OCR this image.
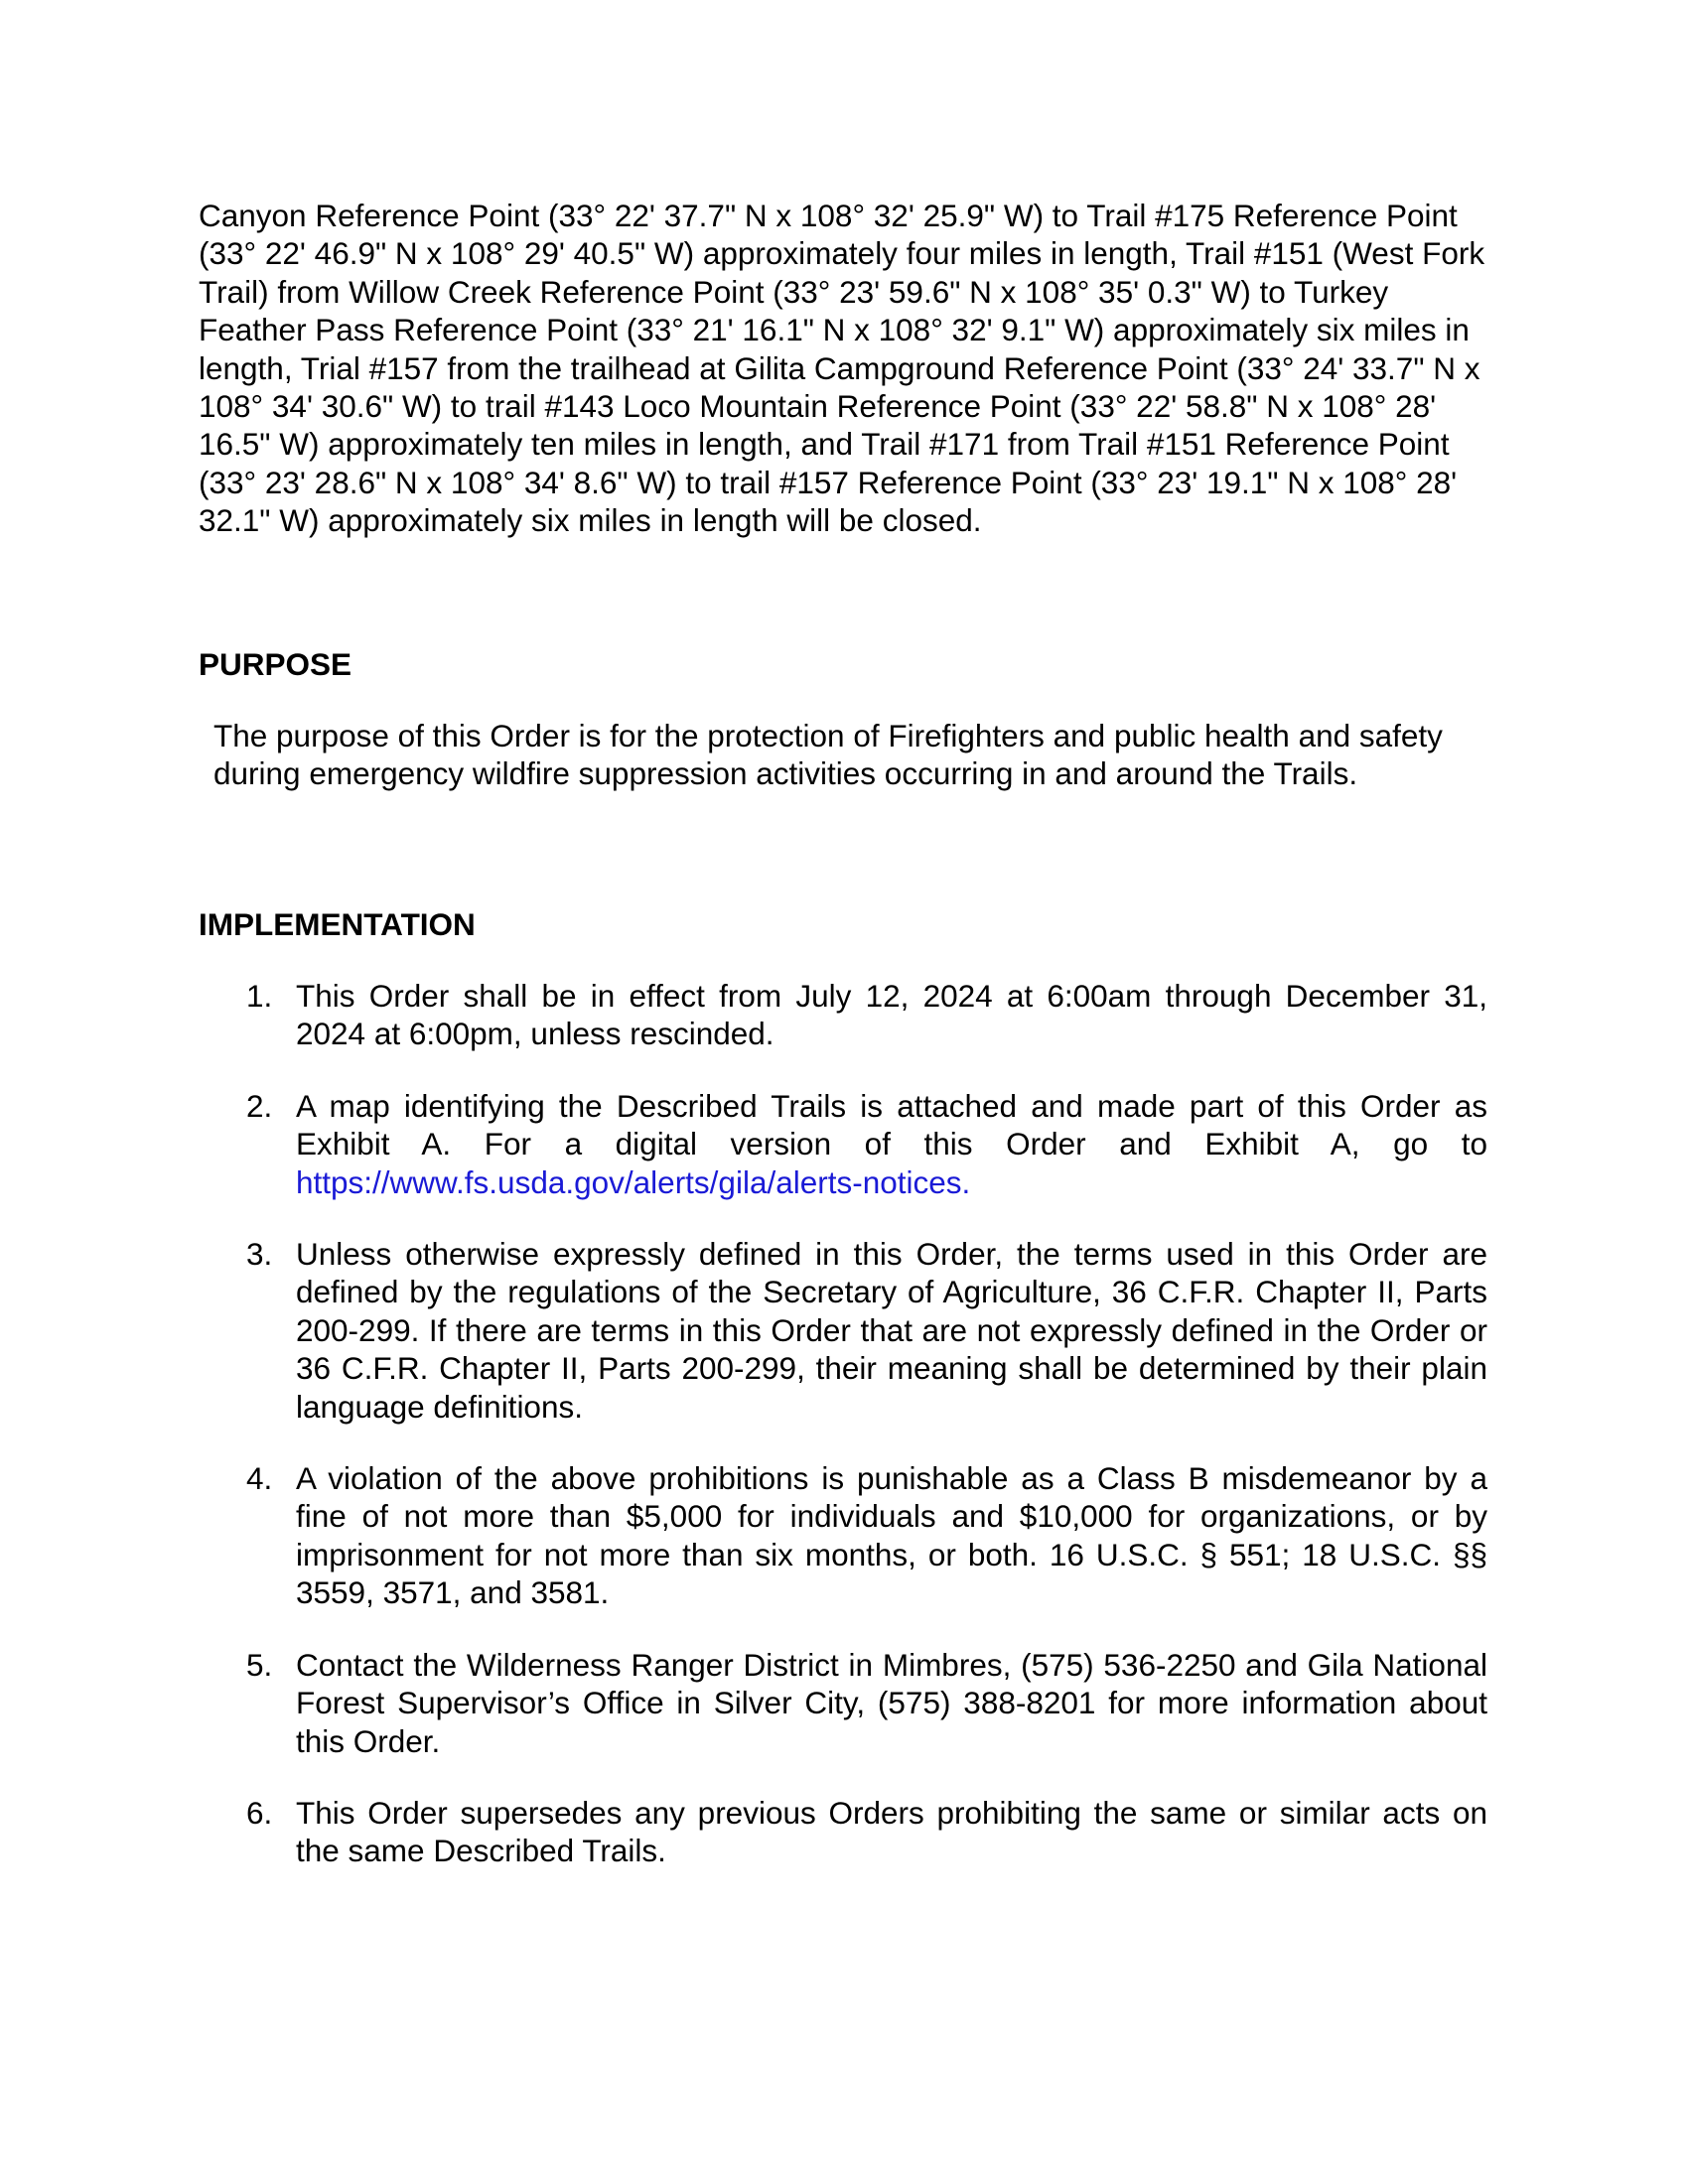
Canyon Reference Point (33° 22' 37.7" N x 108° 32' 25.9" W) to Trail #175 Reference Point (33° 22' 46.9" N x 108° 29' 40.5" W) approximately four miles in length, Trail #151 (West Fork Trail) from Willow Creek Reference Point (33° 23' 59.6" N x 108° 35' 0.3" W) to Turkey Feather Pass Reference Point (33° 21' 16.1" N x 108° 32' 9.1" W) approximately six miles in length, Trial #157 from the trailhead at Gilita Campground Reference Point (33° 24' 33.7" N x 108° 34' 30.6" W) to trail #143 Loco Mountain Reference Point (33° 22' 58.8" N x 108° 28' 16.5" W) approximately ten miles in length, and Trail #171 from Trail #151 Reference Point (33° 23' 28.6" N x 108° 34' 8.6" W) to trail #157 Reference Point (33° 23' 19.1" N x 108° 28' 32.1" W) approximately six miles in length will be closed.

PURPOSE

The purpose of this Order is for the protection of Firefighters and public health and safety during emergency wildfire suppression activities occurring in and around the Trails.

IMPLEMENTATION
1. This Order shall be in effect from July 12, 2024 at 6:00am through December 31, 2024 at 6:00pm, unless rescinded.
2. A map identifying the Described Trails is attached and made part of this Order as Exhibit A. For a digital version of this Order and Exhibit A, go to https://www.fs.usda.gov/alerts/gila/alerts-notices.
3. Unless otherwise expressly defined in this Order, the terms used in this Order are defined by the regulations of the Secretary of Agriculture, 36 C.F.R. Chapter II, Parts 200-299. If there are terms in this Order that are not expressly defined in the Order or 36 C.F.R. Chapter II, Parts 200-299, their meaning shall be determined by their plain language definitions.
4. A violation of the above prohibitions is punishable as a Class B misdemeanor by a fine of not more than $5,000 for individuals and $10,000 for organizations, or by imprisonment for not more than six months, or both. 16 U.S.C. § 551; 18 U.S.C. §§ 3559, 3571, and 3581.
5. Contact the Wilderness Ranger District in Mimbres, (575) 536-2250 and Gila National Forest Supervisor’s Office in Silver City, (575) 388-8201 for more information about this Order.
6. This Order supersedes any previous Orders prohibiting the same or similar acts on the same Described Trails.
